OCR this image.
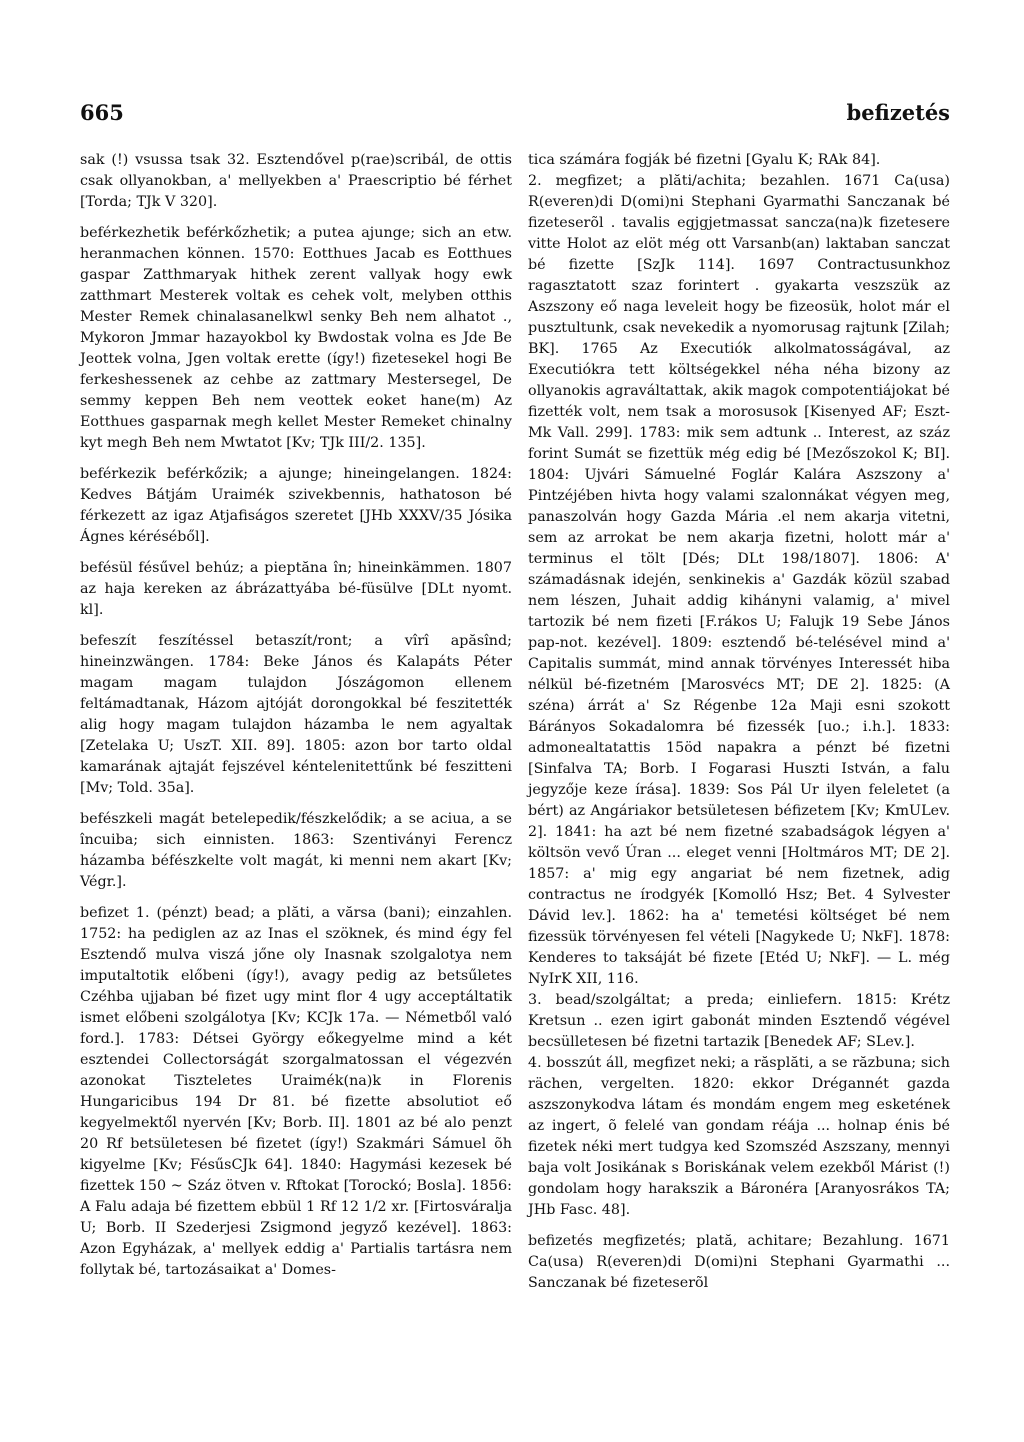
665	befizetés

sak (!) vsussa tsak 32. Esztendővel p(rae)scribál, de ottis csak ollyanokban, a' mellyekben a' Praescriptio bé férhet [Torda; TJk V 320].

beférkezhetik beférkőzhetik; a putea ajunge; sich an etw. heranmachen können. 1570: Eotthues Jacab es Eotthues gaspar Zatthmaryak hithek zerent vallyak hogy ewk zatthmart Mesterek voltak es cehek volt, melyben otthis Mester Remek chinalasanelkwl senky Beh nem alhatot ., Mykoron Jmmar hazayokbol ky Bwdostak volna es Jde Be Jeottek volna, Jgen voltak erette (így!) fizetesekel hogi Be ferkeshessenek az cehbe az zattmary Mestersegel, De semmy keppen Beh nem veottek eoket hane(m) Az Eotthues gasparnak megh kellet Mester Remeket chinalny kyt megh Beh nem Mwtatot [Kv; TJk III/2. 135].

beférkezik beférkőzik; a ajunge; hineingelangen. 1824: Kedves Bátjám Uraimék szivekbennis, hathatoson bé férkezett az igaz Atjafiságos szeretet [JHb XXXV/35 Jósika Ágnes kéréséből].

befésül fésűvel behúz; a pieptăna în; hineinkämmen. 1807 az haja kereken az ábrázattyába bé-füsülve [DLt nyomt. kl].

befeszít feszítéssel betaszít/ront; a vîrî apăsînd; hineinzwängen. 1784: Beke János és Kalapáts Péter magam magam tulajdon Jószágomon ellenem feltámadtanak, Házom ajtóját dorongokkal bé feszitették alig hogy magam tulajdon házamba le nem agyaltak [Zetelaka U; UszT. XII. 89]. 1805: azon bor tarto oldal kamarának ajtaját fejszével kéntelenitettűnk bé feszitteni [Mv; Told. 35a].

befészkeli magát betelepedik/fészkelődik; a se aciua, a se încuiba; sich einnisten. 1863: Szentiványi Ferencz házamba béfészkelte volt magát, ki menni nem akart [Kv; Végr.].

befizet 1. (pénzt) bead; a plăti, a vărsa (bani); einzahlen. 1752: ha pediglen az az Inas el szöknek, és mind égy fel Esztendő mulva viszá jőne oly Inasnak szolgalotya nem imputaltotik előbeni (így!), avagy pedig az betsűletes Czéhba ujjaban bé fizet ugy mint flor 4 ugy acceptáltatik ismet előbeni szolgálotya [Kv; KCJk 17a. — Németből való ford.]. 1783: Détsei György eőkegyelme mind a két esztendei Collectorságát szorgalmatossan el végezvén azonokat Tiszteletes Uraimék(na)k in Florenis Hungaricibus 194 Dr 81. bé fizette absolutiot eő kegyelmektől nyervén [Kv; Borb. II]. 1801 az bé alo penzt 20 Rf betsületesen bé fizetet (így!) Szakmári Sámuel õh kigyelme [Kv; FésűsCJk 64]. 1840: Hagymási kezesek bé fizettek 150 ~ Száz ötven v. Rftokat [Torockó; Bosla]. 1856: A Falu adaja bé fizettem ebbül 1 Rf 12 1/2 xr. [Firtosváralja U; Borb. II Szederjesi Zsigmond jegyző kezével]. 1863: Azon Egyházak, a' mellyek eddig a' Partialis tartásra nem follytak bé, tartozásaikat a' Domes-

tica számára fogják bé fizetni [Gyalu K; RAk 84].

2. megfizet; a plăti/achita; bezahlen. 1671 Ca(usa) R(everen)di D(omi)ni Stephani Gyarmathi Sanczanak bé fizeteserõl . tavalis egjgjetmassat sancza(na)k fizetesere vitte Holot az elöt még ott Varsanb(an) laktaban sanczat bé fizette [SzJk 114]. 1697 Contractusunkhoz ragasztatott szaz forintert . gyakarta veszszük az Aszszony eő naga leveleit hogy be fizeosük, holot már el pusztultunk, csak nevekedik a nyomorusag rajtunk [Zilah; BK]. 1765 Az Executiók alkolmatosságával, az Executiókra tett költségekkel néha néha bizony az ollyanokis agraváltattak, akik magok compotentiájokat bé fizették volt, nem tsak a morosusok [Kisenyed AF; Eszt-Mk Vall. 299]. 1783: mik sem adtunk .. Interest, az száz forint Sumát se fizettük még edig bé [Mezőszokol K; BI]. 1804: Ujvári Sámuelné Foglár Kalára Aszszony a' Pintzéjében hivta hogy valami szalonnákat végyen meg, panaszolván hogy Gazda Mária .el nem akarja vitetni, sem az arrokat be nem akarja fizetni, holott már a' terminus el tölt [Dés; DLt 198/1807]. 1806: A' számadásnak idején, senkinekis a' Gazdák közül szabad nem lészen, Juhait addig kihányni valamig, a' mivel tartozik bé nem fizeti [F.rákos U; Falujk 19 Sebe János pap-not. kezével]. 1809: esztendő bé-telésével mind a' Capitalis summát, mind annak törvényes Interessét hiba nélkül bé-fizetném [Marosvécs MT; DE 2]. 1825: (A széna) árrát a' Sz Régenbe 12a Maji esni szokott Bárányos Sokadalomra bé fizessék [uo.; i.h.]. 1833: admonealtatattis 15öd napakra a pénzt bé fizetni [Sinfalva TA; Borb. I Fogarasi Huszti István, a falu jegyzője keze írása]. 1839: Sos Pál Ur ilyen feleletet (a bért) az Angáriakor betsületesen béfizetem [Kv; KmULev. 2]. 1841: ha azt bé nem fizetné szabadságok légyen a' költsön vevő Úran ... eleget venni [Holtmáros MT; DE 2]. 1857: a' mig egy angariat bé nem fizetnek, adig contractus ne írodgyék [Komolló Hsz; Bet. 4 Sylvester Dávid lev.]. 1862: ha a' temetési költséget bé nem fizessük törvényesen fel vételi [Nagykede U; NkF]. 1878: Kenderes to taksáját bé fizete [Etéd U; NkF]. — L. még NyIrK XII, 116.

3. bead/szolgáltat; a preda; einliefern. 1815: Krétz Kretsun .. ezen igirt gabonát minden Esztendő végével becsülletesen bé fizetni tartazik [Benedek AF; SLev.].

4. bosszút áll, megfizet neki; a răsplăti, a se răzbuna; sich rächen, vergelten. 1820: ekkor Drégannét gazda aszszonykodva látam és mondám engem meg esketének az ingert, õ felelé van gondam réája ... holnap énis bé fizetek néki mert tudgya ked Szomszéd Aszszany, mennyi baja volt Josikának s Boriskának velem ezekből Márist (!) gondolam hogy harakszik a Báronéra [Aranyosrákos TA; JHb Fasc. 48].

befizetés megfizetés; plată, achitare; Bezahlung. 1671 Ca(usa) R(everen)di D(omi)ni Stephani Gyarmathi ... Sanczanak bé fizeteserõl
